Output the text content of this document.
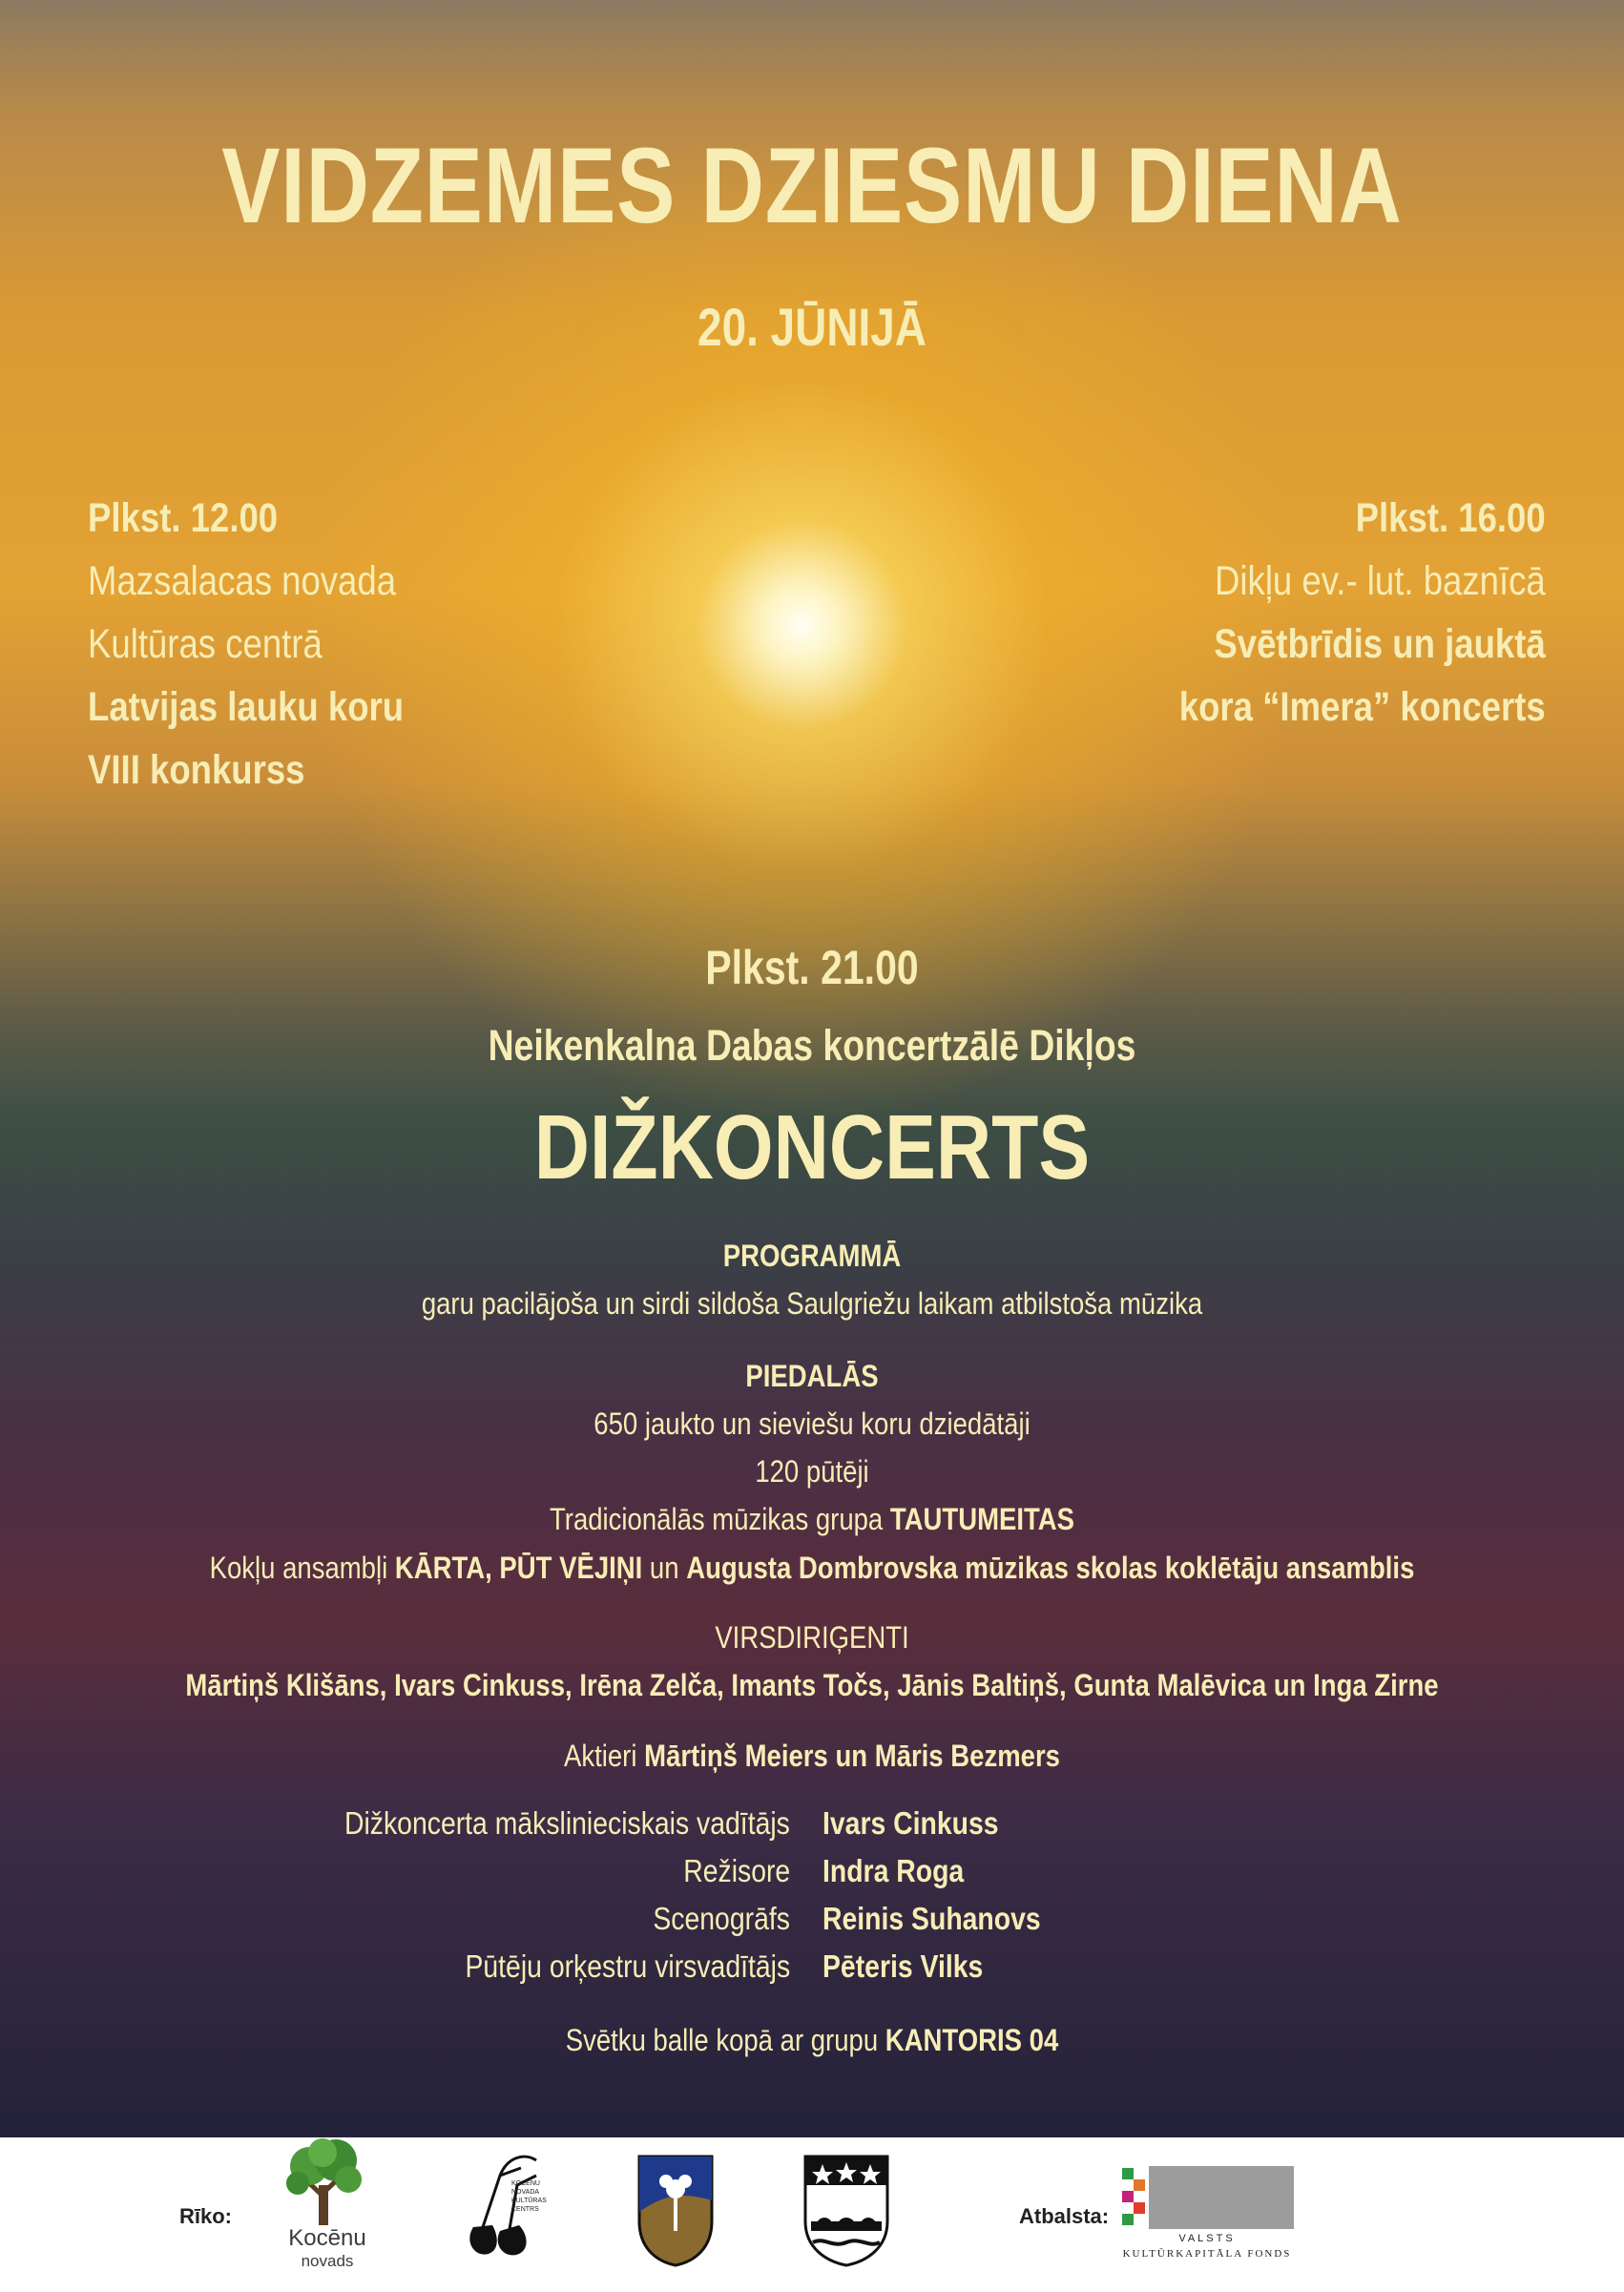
VIDZEMES DZIESMU DIENA
20. JŪNIJĀ
Plkst. 12.00
Mazsalacas novada
Kultūras centrā
Latvijas lauku koru
VIII konkurss
Plkst. 16.00
Dikļu ev.- lut. baznīcā
Svētbrīdis un jauktā
kora “Imera” koncerts
Plkst. 21.00
Neikenkalna Dabas koncertzālē Dikļos
DIŽKONCERTS
PROGRAMMĀ
garu pacilājoša un sirdi sildoša Saulgriežu laikam atbilstoša mūzika
PIEDALĀS
650 jaukto un sieviešu koru dziedātāji
120 pūtēji
Tradicionālās mūzikas grupa TAUTUMEITAS
Kokļu ansambļi KĀRTA, PŪT VĒJIŅI un Augusta Dombrovska mūzikas skolas koklētāju ansamblis
VIRSDIRIĢENTI
Mārtiņš Klišāns, Ivars Cinkuss, Irēna Zelča, Imants Točs, Jānis Baltiņš, Gunta Malēvica un Inga Zirne
Aktieri Mārtiņš Meiers un Māris Bezmers
Dižkoncerta mākslinieciskais vadītājs Ivars Cinkuss
Režisore Indra Roga
Scenogrāfs Reinis Suhanovs
Pūtēju orķestru virsvadītājs Pēteris Vilks
Svētku balle kopā ar grupu KANTORIS 04
Rīko:
Kocēnu
novads
KOCĒNU NOVADA KULTŪRAS CENTRS	Atbalsta:
VALSTS
KULTŪRKAPITĀLA FONDS
